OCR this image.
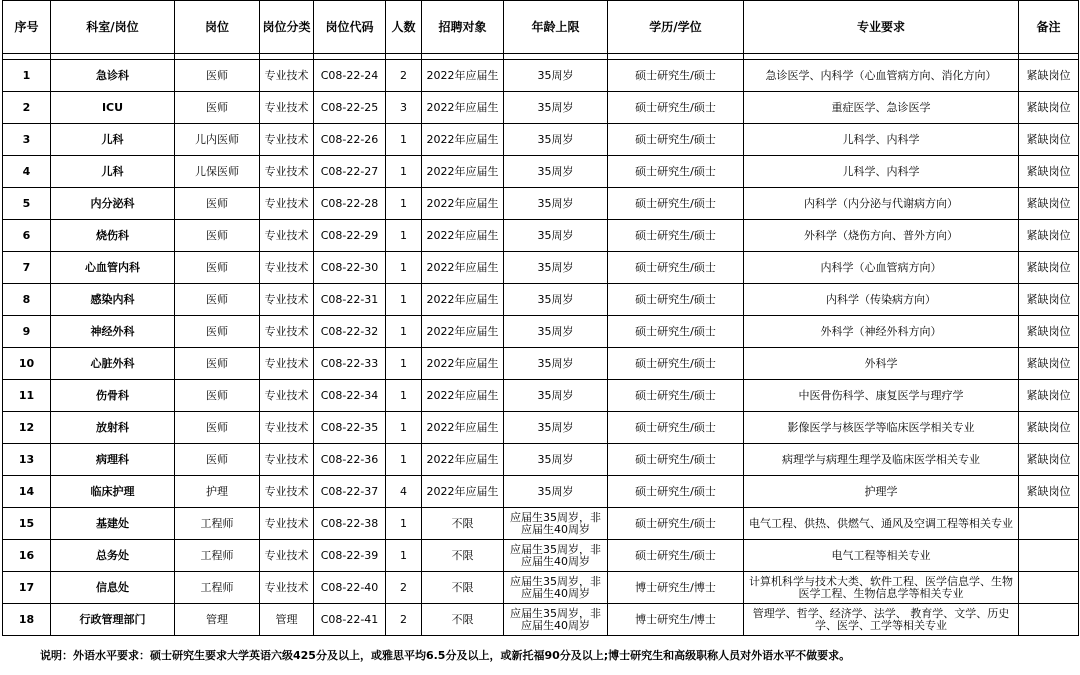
序号	科室/岗位	岗位	岗位分类	岗位代码	人数	招聘对象	年龄上限	学历/学位	专业要求	备注

1	急诊科	医师	专业技术	C08-22-24	2	2022年应届生	35周岁	硕士研究生/硕士	急诊医学、内科学（心血管病方向、消化方向）	紧缺岗位
2	ICU	医师	专业技术	C08-22-25	3	2022年应届生	35周岁	硕士研究生/硕士	重症医学、急诊医学	紧缺岗位
3	儿科	儿内医师	专业技术	C08-22-26	1	2022年应届生	35周岁	硕士研究生/硕士	儿科学、内科学	紧缺岗位
4	儿科	儿保医师	专业技术	C08-22-27	1	2022年应届生	35周岁	硕士研究生/硕士	儿科学、内科学	紧缺岗位
5	内分泌科	医师	专业技术	C08-22-28	1	2022年应届生	35周岁	硕士研究生/硕士	内科学（内分泌与代谢病方向）	紧缺岗位
6	烧伤科	医师	专业技术	C08-22-29	1	2022年应届生	35周岁	硕士研究生/硕士	外科学（烧伤方向、普外方向）	紧缺岗位
7	心血管内科	医师	专业技术	C08-22-30	1	2022年应届生	35周岁	硕士研究生/硕士	内科学（心血管病方向）	紧缺岗位
8	感染内科	医师	专业技术	C08-22-31	1	2022年应届生	35周岁	硕士研究生/硕士	内科学（传染病方向）	紧缺岗位
9	神经外科	医师	专业技术	C08-22-32	1	2022年应届生	35周岁	硕士研究生/硕士	外科学（神经外科方向）	紧缺岗位
10	心脏外科	医师	专业技术	C08-22-33	1	2022年应届生	35周岁	硕士研究生/硕士	外科学	紧缺岗位
11	伤骨科	医师	专业技术	C08-22-34	1	2022年应届生	35周岁	硕士研究生/硕士	中医骨伤科学、康复医学与理疗学	紧缺岗位
12	放射科	医师	专业技术	C08-22-35	1	2022年应届生	35周岁	硕士研究生/硕士	影像医学与核医学等临床医学相关专业	紧缺岗位
13	病理科	医师	专业技术	C08-22-36	1	2022年应届生	35周岁	硕士研究生/硕士	病理学与病理生理学及临床医学相关专业	紧缺岗位
14	临床护理	护理	专业技术	C08-22-37	4	2022年应届生	35周岁	硕士研究生/硕士	护理学	紧缺岗位
15	基建处	工程师	专业技术	C08-22-38	1	不限	应届生35周岁，非应届生40周岁	硕士研究生/硕士	电气工程、供热、供燃气、通风及空调工程等相关专业	
16	总务处	工程师	专业技术	C08-22-39	1	不限	应届生35周岁，非应届生40周岁	硕士研究生/硕士	电气工程等相关专业	
17	信息处	工程师	专业技术	C08-22-40	2	不限	应届生35周岁，非应届生40周岁	博士研究生/博士	计算机科学与技术大类、软件工程、医学信息学、生物医学工程、生物信息学等相关专业	
18	行政管理部门	管理	管理	C08-22-41	2	不限	应届生35周岁，非应届生40周岁	博士研究生/博士	管理学、哲学、经济学、法学、 教育学、文学、历史学、医学、工学等相关专业	
说明：外语水平要求：硕士研究生要求大学英语六级425分及以上，或雅思平均6.5分及以上，或新托福90分及以上;博士研究生和高级职称人员对外语水平不做要求。
